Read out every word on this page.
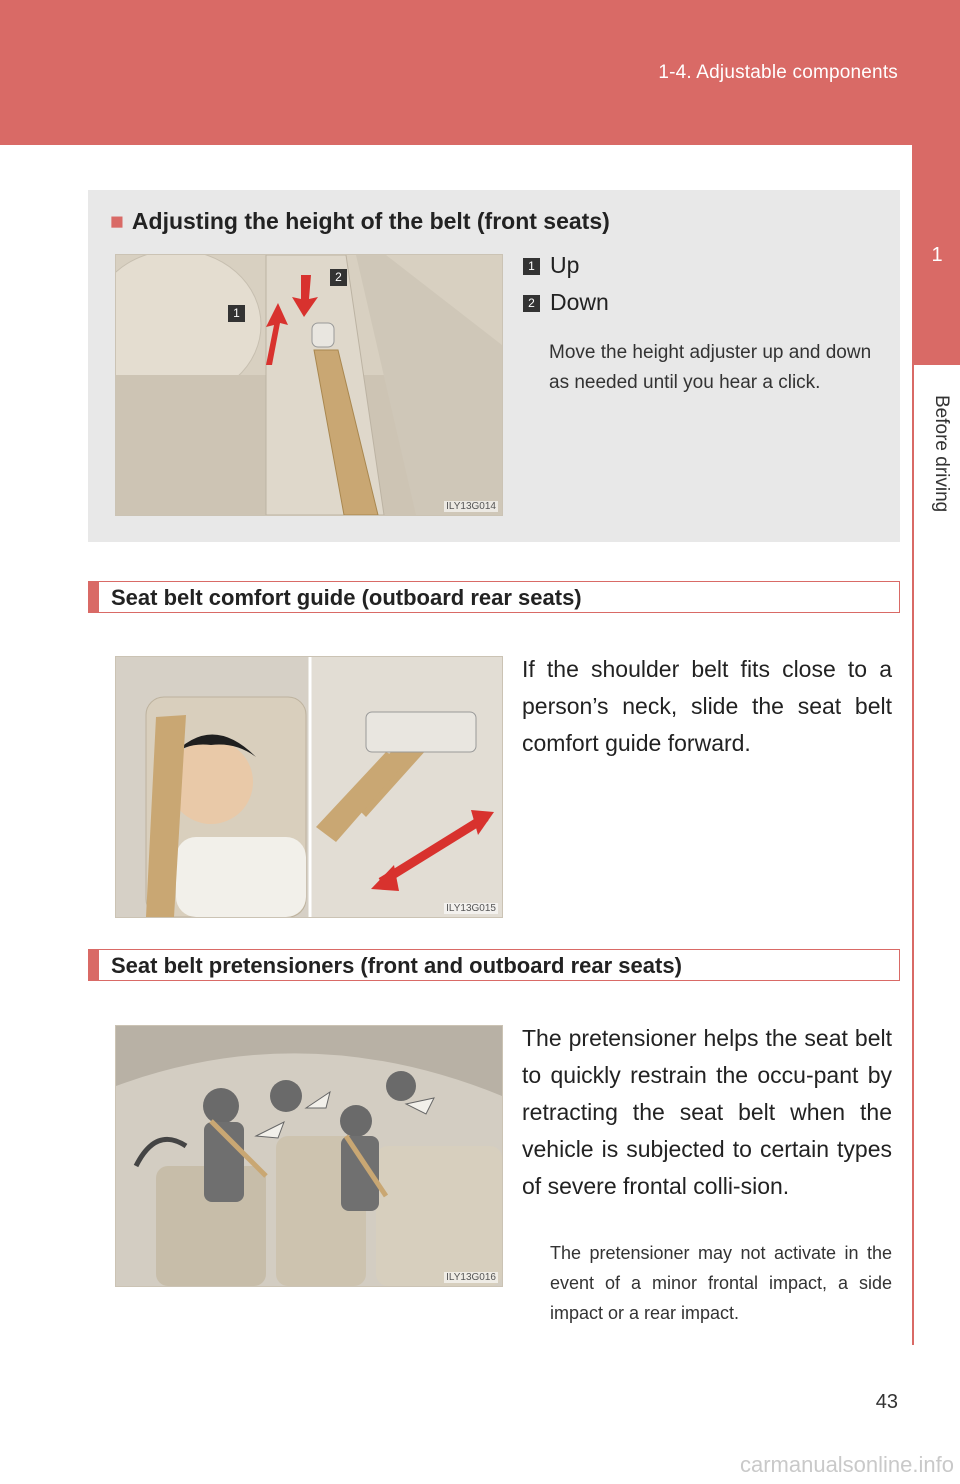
1-4. Adjustable components
1
Before driving
■ Adjusting the height of the belt (front seats)
1
2
ILY13G014
1 Up
2 Down
Move the height adjuster up and down as needed until you hear a click.
Seat belt comfort guide (outboard rear seats)
ILY13G015
If the shoulder belt fits close to a person’s neck, slide the seat belt comfort guide forward.
Seat belt pretensioners (front and outboard rear seats)
ILY13G016
The pretensioner helps the seat belt to quickly restrain the occu-pant by retracting the seat belt when the vehicle is subjected to certain types of severe frontal colli-sion.
The pretensioner may not activate in the event of a minor frontal impact, a side impact or a rear impact.
43
carmanualsonline.info
